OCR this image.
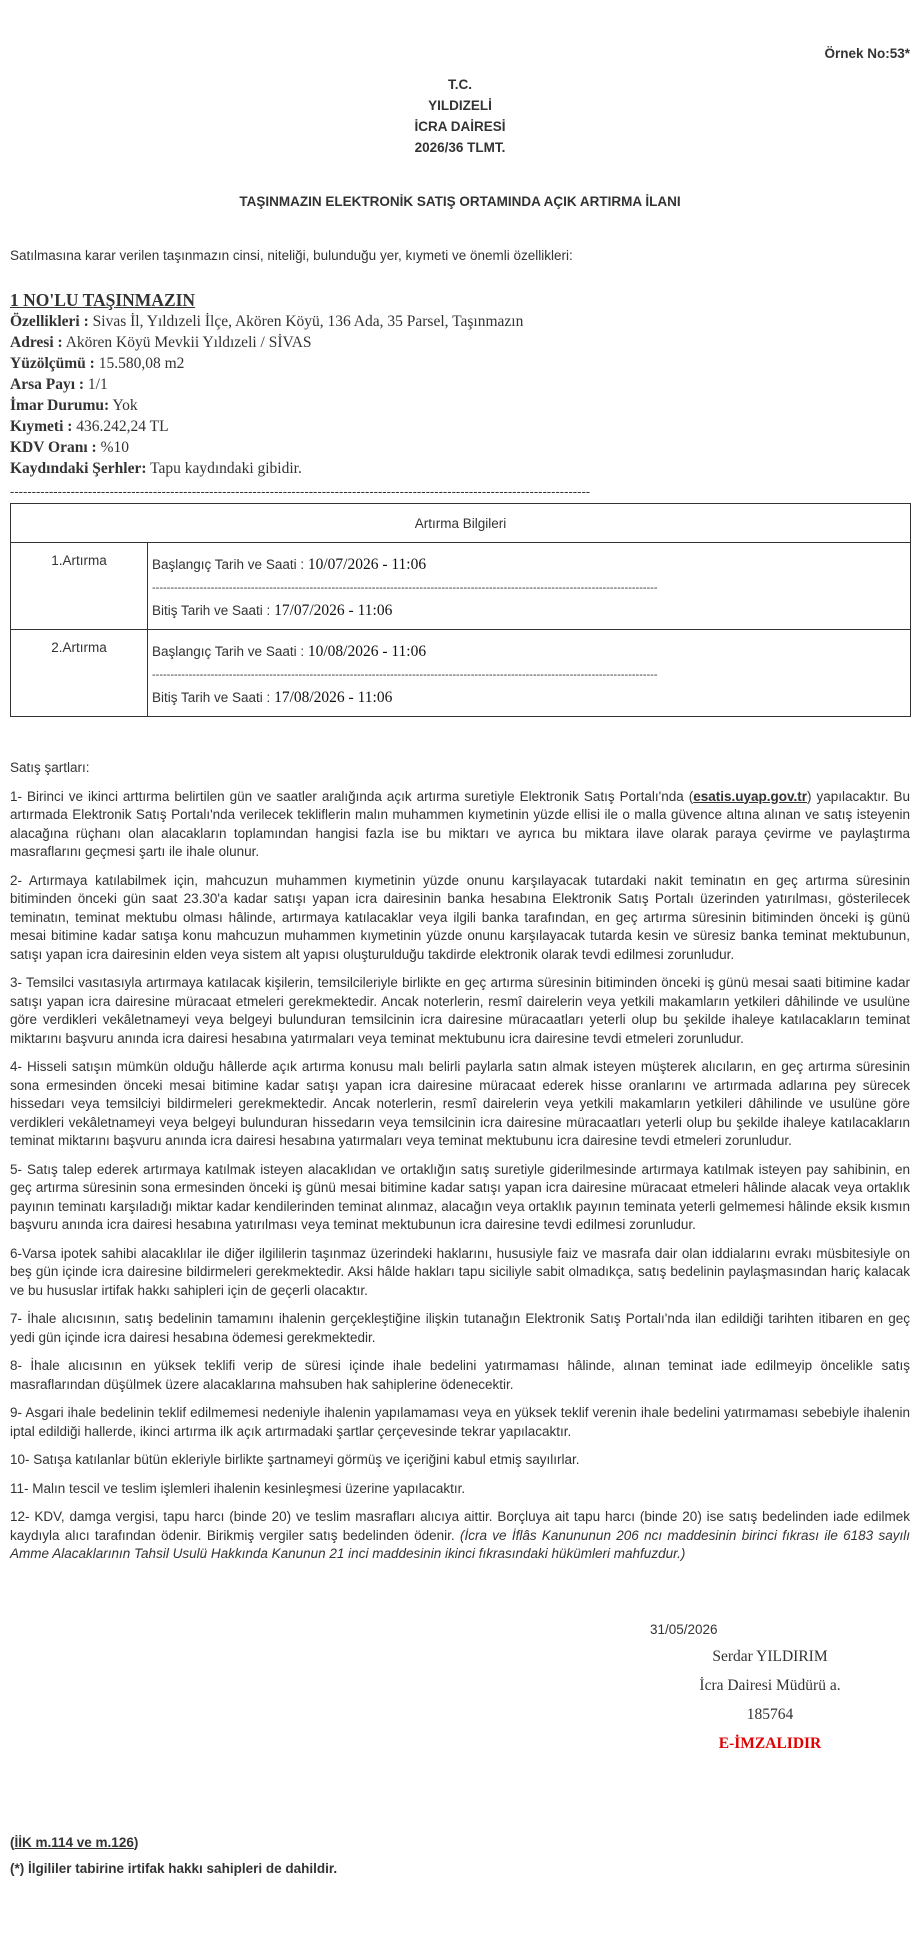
Örnek No:53*
T.C.
YILDIZELİ
İCRA DAİRESİ
2026/36 TLMT.
TAŞINMAZIN ELEKTRONİK SATIŞ ORTAMINDA AÇIK ARTIRMA İLANI
Satılmasına karar verilen taşınmazın cinsi, niteliği, bulunduğu yer, kıymeti ve önemli özellikleri:
1 NO'LU TAŞINMAZIN
Özellikleri : Sivas İl, Yıldızeli İlçe, Akören Köyü, 136 Ada, 35 Parsel, Taşınmazın
Adresi : Akören Köyü Mevkii Yıldızeli / SİVAS
Yüzölçümü : 15.580,08 m2
Arsa Payı : 1/1
İmar Durumu: Yok
Kıymeti : 436.242,24 TL
KDV Oranı : %10
Kaydındaki Şerhler: Tapu kaydındaki gibidir.
--------------------------------------------------------------------------------------------------------------------------------------
Artırma Bilgileri	
1.Artırma	Başlangıç Tarih ve Saati : 10/07/2026 - 11:06
------------------------------------------------------------------------------------------------------------------------------------------
Bitiş Tarih ve Saati : 17/07/2026 - 11:06

2.Artırma	Başlangıç Tarih ve Saati : 10/08/2026 - 11:06
------------------------------------------------------------------------------------------------------------------------------------------
Bitiş Tarih ve Saati : 17/08/2026 - 11:06

Satış şartları:

1- Birinci ve ikinci arttırma belirtilen gün ve saatler aralığında açık artırma suretiyle Elektronik Satış Portalı'nda (esatis.uyap.gov.tr) yapılacaktır. Bu artırmada Elektronik Satış Portalı'nda verilecek tekliflerin malın muhammen kıymetinin yüzde ellisi ile o malla güvence altına alınan ve satış isteyenin alacağına rüçhanı olan alacakların toplamından hangisi fazla ise bu miktarı ve ayrıca bu miktara ilave olarak paraya çevirme ve paylaştırma masraflarını geçmesi şartı ile ihale olunur.

2- Artırmaya katılabilmek için, mahcuzun muhammen kıymetinin yüzde onunu karşılayacak tutardaki nakit teminatın en geç artırma süresinin bitiminden önceki gün saat 23.30'a kadar satışı yapan icra dairesinin banka hesabına Elektronik Satış Portalı üzerinden yatırılması, gösterilecek teminatın, teminat mektubu olması hâlinde, artırmaya katılacaklar veya ilgili banka tarafından, en geç artırma süresinin bitiminden önceki iş günü mesai bitimine kadar satışa konu mahcuzun muhammen kıymetinin yüzde onunu karşılayacak tutarda kesin ve süresiz banka teminat mektubunun, satışı yapan icra dairesinin elden veya sistem alt yapısı oluşturulduğu takdirde elektronik olarak tevdi edilmesi zorunludur.

3- Temsilci vasıtasıyla artırmaya katılacak kişilerin, temsilcileriyle birlikte en geç artırma süresinin bitiminden önceki iş günü mesai saati bitimine kadar satışı yapan icra dairesine müracaat etmeleri gerekmektedir. Ancak noterlerin, resmî dairelerin veya yetkili makamların yetkileri dâhilinde ve usulüne göre verdikleri vekâletnameyi veya belgeyi bulunduran temsilcinin icra dairesine müracaatları yeterli olup bu şekilde ihaleye katılacakların teminat miktarını başvuru anında icra dairesi hesabına yatırmaları veya teminat mektubunu icra dairesine tevdi etmeleri zorunludur.

4- Hisseli satışın mümkün olduğu hâllerde açık artırma konusu malı belirli paylarla satın almak isteyen müşterek alıcıların, en geç artırma süresinin sona ermesinden önceki mesai bitimine kadar satışı yapan icra dairesine müracaat ederek hisse oranlarını ve artırmada adlarına pey sürecek hissedarı veya temsilciyi bildirmeleri gerekmektedir. Ancak noterlerin, resmî dairelerin veya yetkili makamların yetkileri dâhilinde ve usulüne göre verdikleri vekâletnameyi veya belgeyi bulunduran hissedarın veya temsilcinin icra dairesine müracaatları yeterli olup bu şekilde ihaleye katılacakların teminat miktarını başvuru anında icra dairesi hesabına yatırmaları veya teminat mektubunu icra dairesine tevdi etmeleri zorunludur.

5- Satış talep ederek artırmaya katılmak isteyen alacaklıdan ve ortaklığın satış suretiyle giderilmesinde artırmaya katılmak isteyen pay sahibinin, en geç artırma süresinin sona ermesinden önceki iş günü mesai bitimine kadar satışı yapan icra dairesine müracaat etmeleri hâlinde alacak veya ortaklık payının teminatı karşıladığı miktar kadar kendilerinden teminat alınmaz, alacağın veya ortaklık payının teminata yeterli gelmemesi hâlinde eksik kısmın başvuru anında icra dairesi hesabına yatırılması veya teminat mektubunun icra dairesine tevdi edilmesi zorunludur.

6-Varsa ipotek sahibi alacaklılar ile diğer ilgililerin taşınmaz üzerindeki haklarını, hususiyle faiz ve masrafa dair olan iddialarını evrakı müsbitesiyle on beş gün içinde icra dairesine bildirmeleri gerekmektedir. Aksi hâlde hakları tapu siciliyle sabit olmadıkça, satış bedelinin paylaşmasından hariç kalacak ve bu hususlar irtifak hakkı sahipleri için de geçerli olacaktır.

7- İhale alıcısının, satış bedelinin tamamını ihalenin gerçekleştiğine ilişkin tutanağın Elektronik Satış Portalı'nda ilan edildiği tarihten itibaren en geç yedi gün içinde icra dairesi hesabına ödemesi gerekmektedir.

8- İhale alıcısının en yüksek teklifi verip de süresi içinde ihale bedelini yatırmaması hâlinde, alınan teminat iade edilmeyip öncelikle satış masraflarından düşülmek üzere alacaklarına mahsuben hak sahiplerine ödenecektir.

9- Asgari ihale bedelinin teklif edilmemesi nedeniyle ihalenin yapılamaması veya en yüksek teklif verenin ihale bedelini yatırmaması sebebiyle ihalenin iptal edildiği hallerde, ikinci artırma ilk açık artırmadaki şartlar çerçevesinde tekrar yapılacaktır.

10- Satışa katılanlar bütün ekleriyle birlikte şartnameyi görmüş ve içeriğini kabul etmiş sayılırlar.

11- Malın tescil ve teslim işlemleri ihalenin kesinleşmesi üzerine yapılacaktır.

12- KDV, damga vergisi, tapu harcı (binde 20) ve teslim masrafları alıcıya aittir. Borçluya ait tapu harcı (binde 20) ise satış bedelinden iade edilmek kaydıyla alıcı tarafından ödenir. Birikmiş vergiler satış bedelinden ödenir. (İcra ve İflâs Kanununun 206 ncı maddesinin birinci fıkrası ile 6183 sayılı Amme Alacaklarının Tahsil Usulü Hakkında Kanunun 21 inci maddesinin ikinci fıkrasındaki hükümleri mahfuzdur.)

31/05/2026
Serdar YILDIRIM
İcra Dairesi Müdürü a.
185764
E-İMZALIDIR
(İİK m.114 ve m.126)
(*) İlgililer tabirine irtifak hakkı sahipleri de dahildir.
